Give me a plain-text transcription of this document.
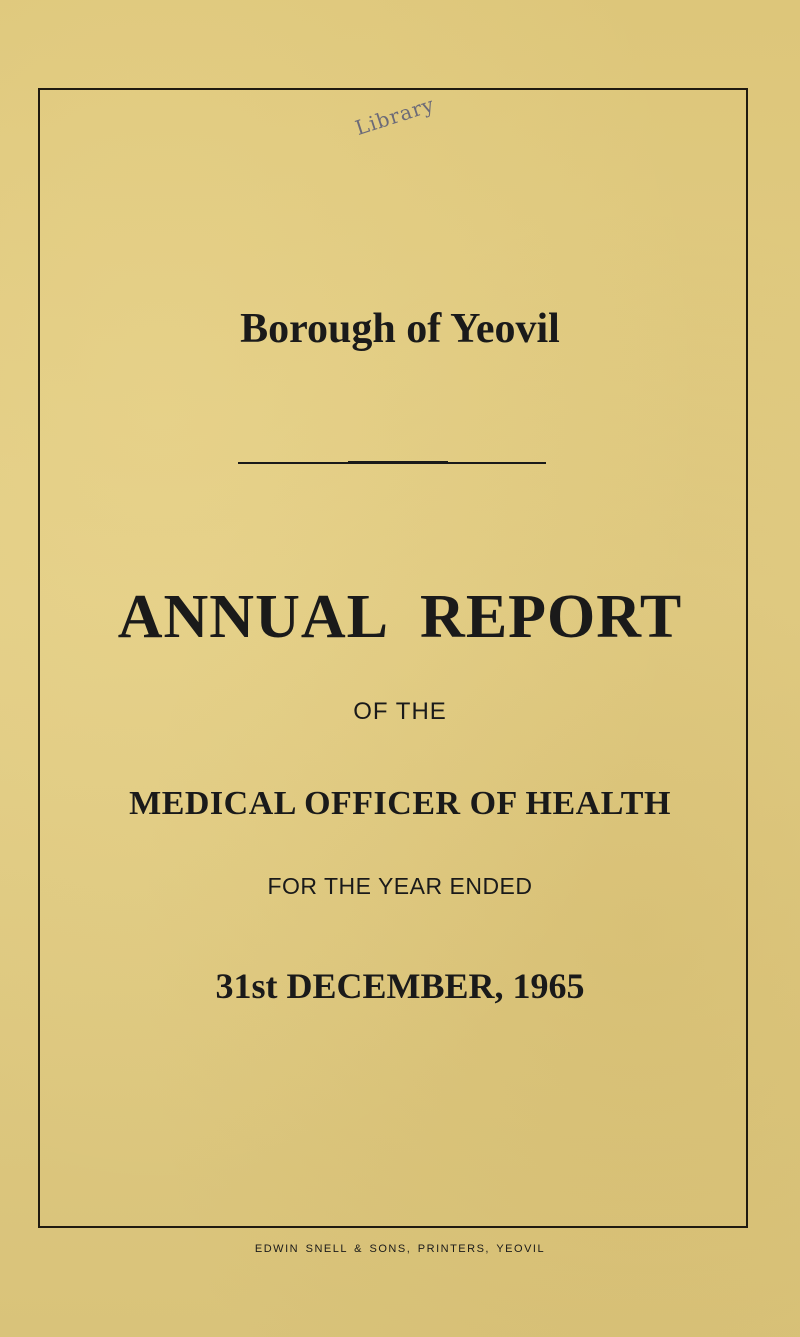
Library

Borough of Yeovil
ANNUAL REPORT

OF THE

MEDICAL OFFICER OF HEALTH

FOR THE YEAR ENDED

31st DECEMBER, 1965

EDWIN SNELL & SONS, PRINTERS, YEOVIL
